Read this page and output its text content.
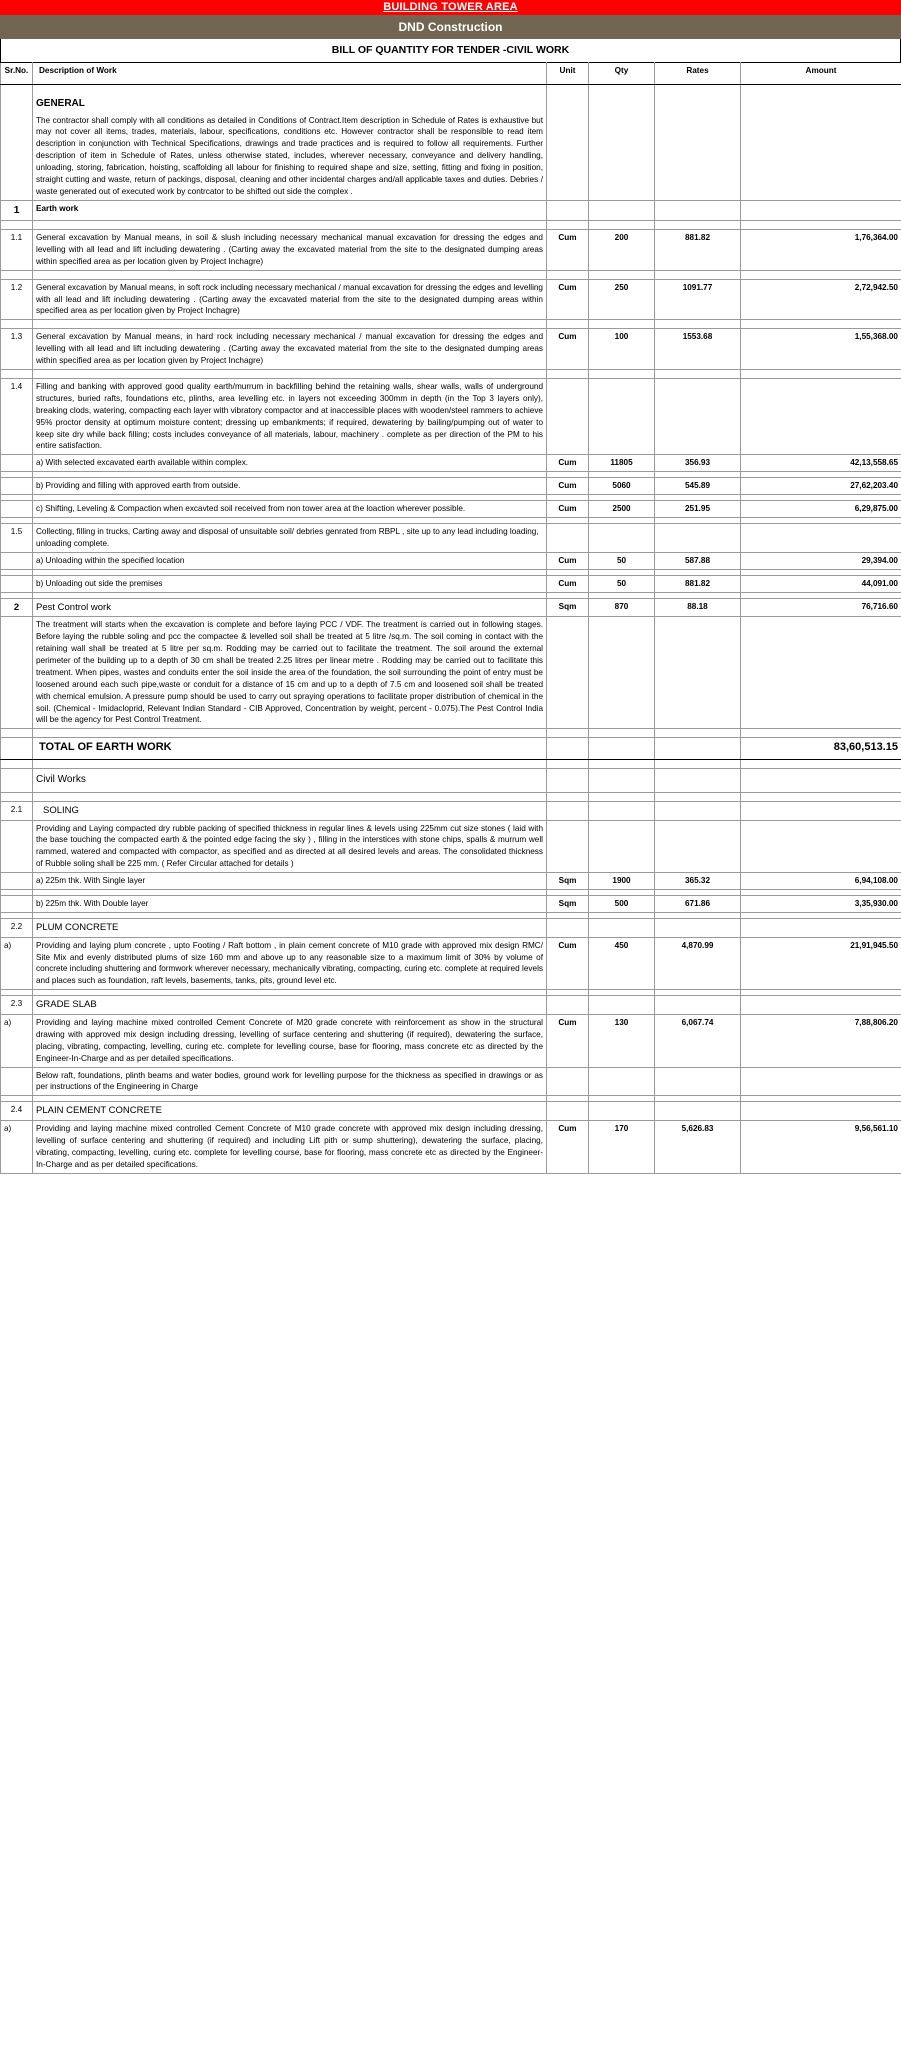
BUILDING TOWER AREA
DND Construction
BILL OF QUANTITY FOR TENDER -CIVIL WORK
Sr.No.	Description of Work	Unit	Qty	Rates	Amount

	GENERAL

The contractor shall comply with all conditions as detailed in Conditions of Contract.Item description in Schedule of Rates is exhaustive but may not cover all items, trades, materials, labour, specifications, conditions etc. However contractor shall be responsible to read item description in conjunction with Technical Specifications, drawings and trade practices and is required to follow all requirements. Further description of item in Schedule of Rates, unless otherwise stated, includes, wherever necessary, conveyance and delivery handling, unloading, storing, fabrication, hoisting, scaffolding all labour for finishing to required shape and size, setting, fitting and fixing in position, straight cutting and waste, return of packings, disposal, cleaning and other incidental charges and/all applicable taxes and duties. Debries / waste generated out of executed work by contrcator to be shifted out side the complex .				

1	Earth work				

1.1	General excavation by Manual means, in soil & slush including necessary mechanical manual excavation for dressing the edges and levelling with all lead and lift including dewatering . (Carting away the excavated material from the site to the designated dumping areas within specified area as per location given by Project Inchagre)	Cum	200	881.82	1,76,364.00

1.2	General excavation by Manual means, in soft rock including necessary mechanical / manual excavation for dressing the edges and levelling with all lead and lift including dewatering . (Carting away the excavated material from the site to the designated dumping areas within specified area as per location given by Project Inchagre)	Cum	250	1091.77	2,72,942.50

1.3	General excavation by Manual means, in hard rock including necessary mechanical / manual excavation for dressing the edges and levelling with all lead and lift including dewatering . (Carting away the excavated material from the site to the designated dumping areas within specified area as per location given by Project Inchagre)	Cum	100	1553.68	1,55,368.00

1.4	Filling and banking with approved good quality earth/murrum in backfilling behind the retaining walls, shear walls, walls of underground structures, buried rafts, foundations etc, plinths, area levelling etc. in layers not exceeding 300mm in depth (in the Top 3 layers only), breaking clods, watering, compacting each layer with vibratory compactor and at inaccessible places with wooden/steel rammers to achieve 95% proctor density at optimum moisture content; dressing up embankments; if required, dewatering by bailing/pumping out of water to keep site dry while back filling; costs includes conveyance of all materials, labour, machinery . complete as per direction of the PM to his entire satisfaction.				
	a) With selected excavated earth available within complex.	Cum	11805	356.93	42,13,558.65

	b) Providing and filling with approved earth from outside.	Cum	5060	545.89	27,62,203.40

	c) Shifting, Leveling & Compaction when excavted soil received from non tower area at the loaction wherever possible.	Cum	2500	251.95	6,29,875.00

1.5	Collecting, filling in trucks, Carting away and disposal of unsuitable soil/ debries genrated from RBPL , site up to any lead including loading, unloading complete.				
	a) Unloading within the specified location	Cum	50	587.88	29,394.00

	b) Unloading out side the premises	Cum	50	881.82	44,091.00

2	Pest Control work	Sqm	870	88.18	76,716.60
	The treatment will starts when the excavation is complete and before laying PCC / VDF. The treatment is carried out in following stages. Before laying the rubble soling and pcc the compactee & levelled soil shall be treated at 5 litre /sq.m. The soil coming in contact with the retaining wall shall be treated at 5 litre per sq.m. Rodding may be carried out to facilitate the treatment. The soil around the external perimeter of the building up to a depth of 30 cm shall be treated 2.25 litres per linear metre . Rodding may be carried out to facilitate this treatment. When pipes, wastes and conduits enter the soil inside the area of the foundation, the soil surrounding the point of entry must be loosened around each such pipe,waste or conduit for a distance of 15 cm and up to a depth of 7.5 cm and loosened soil shall be treated with chemical emulsion. A pressure pump should be used to carry out spraying operations to facilitate proper distribution of chemical in the soil. (Chemical - Imidacloprid, Relevant Indian Standard - CIB Approved, Concentration by weight, percent - 0.075).The Pest Control India will be the agency for Pest Control Treatment.				

	TOTAL OF EARTH WORK				83,60,513.15

	Civil Works				

2.1	SOLING				
	Providing and Laying compacted dry rubble packing of specified thickness in regular lines & levels using 225mm cut size stones ( laid with the base touching the compacted earth & the pointed edge facing the sky ) , filling in the interstices with stone chips, spalls & murrum well rammed, watered and compacted with compactor, as specified and as directed at all desired levels and areas. The consolidated thickness of Rubble soling shall be 225 mm. ( Refer Circular attached for details )				
	a) 225m thk. With Single layer	Sqm	1900	365.32	6,94,108.00

	b) 225m thk. With Double layer	Sqm	500	671.86	3,35,930.00

2.2	PLUM CONCRETE				
a)	Providing and laying plum concrete , upto Footing / Raft bottom , in plain cement concrete of M10 grade with approved mix design RMC/ Site Mix and evenly distributed plums of size 160 mm and above up to any reasonable size to a maximum limit of 30% by volume of concrete including shuttering and formwork wherever necessary, mechanically vibrating, compacting, curing etc. complete at required levels and places such as foundation, raft levels, basements, tanks, pits, ground level etc.	Cum	450	4,870.99	21,91,945.50

2.3	GRADE SLAB				
a)	Providing and laying machine mixed controlled Cement Concrete of M20 grade concrete with reinforcement as show in the structural drawing with approved mix design including dressing, levelling of surface centering and shuttering (if required), dewatering the surface, placing, vibrating, compacting, levelling, curing etc. complete for levelling course, base for flooring, mass concrete etc as directed by the Engineer-In-Charge and as per detailed specifications.	Cum	130	6,067.74	7,88,806.20
	Below raft, foundations, plinth beams and water bodies, ground work for levelling purpose for the thickness as specified in drawings or as per instructions of the Engineering in Charge				

2.4	PLAIN CEMENT CONCRETE				
a)	Providing and laying machine mixed controlled Cement Concrete of M10 grade concrete with approved mix design including dressing, levelling of surface centering and shuttering (if required) and including Lift pith or sump shuttering), dewatering the surface, placing, vibrating, compacting, levelling, curing etc. complete for levelling course, base for flooring, mass concrete etc as directed by the Engineer-In-Charge and as per detailed specifications.	Cum	170	5,626.83	9,56,561.10
